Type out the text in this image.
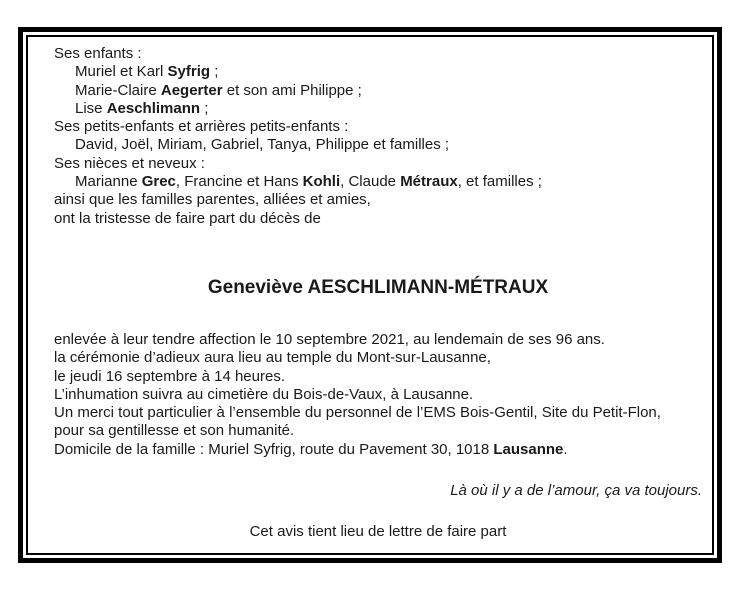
Ses enfants :
Muriel et Karl Syfrig ;
Marie-Claire Aegerter et son ami Philippe ;
Lise Aeschlimann ;
Ses petits-enfants et arrières petits-enfants :
David, Joël, Miriam, Gabriel, Tanya, Philippe et familles ;
Ses nièces et neveux :
Marianne Grec, Francine et Hans Kohli, Claude Métraux, et familles ;
ainsi que les familles parentes, alliées et amies,
ont la tristesse de faire part du décès de
Geneviève AESCHLIMANN-MÉTRAUX
enlevée à leur tendre affection le 10 septembre 2021, au lendemain de ses 96 ans.
la cérémonie d’adieux aura lieu au temple du Mont-sur-Lausanne,
le jeudi 16 septembre à 14 heures.
L’inhumation suivra au cimetière du Bois-de-Vaux, à Lausanne.
Un merci tout particulier à l’ensemble du personnel de l’EMS Bois-Gentil, Site du Petit-Flon,
pour sa gentillesse et son humanité.
Domicile de la famille : Muriel Syfrig, route du Pavement 30, 1018 Lausanne.
Là où il y a de l’amour, ça va toujours.
Cet avis tient lieu de lettre de faire part
